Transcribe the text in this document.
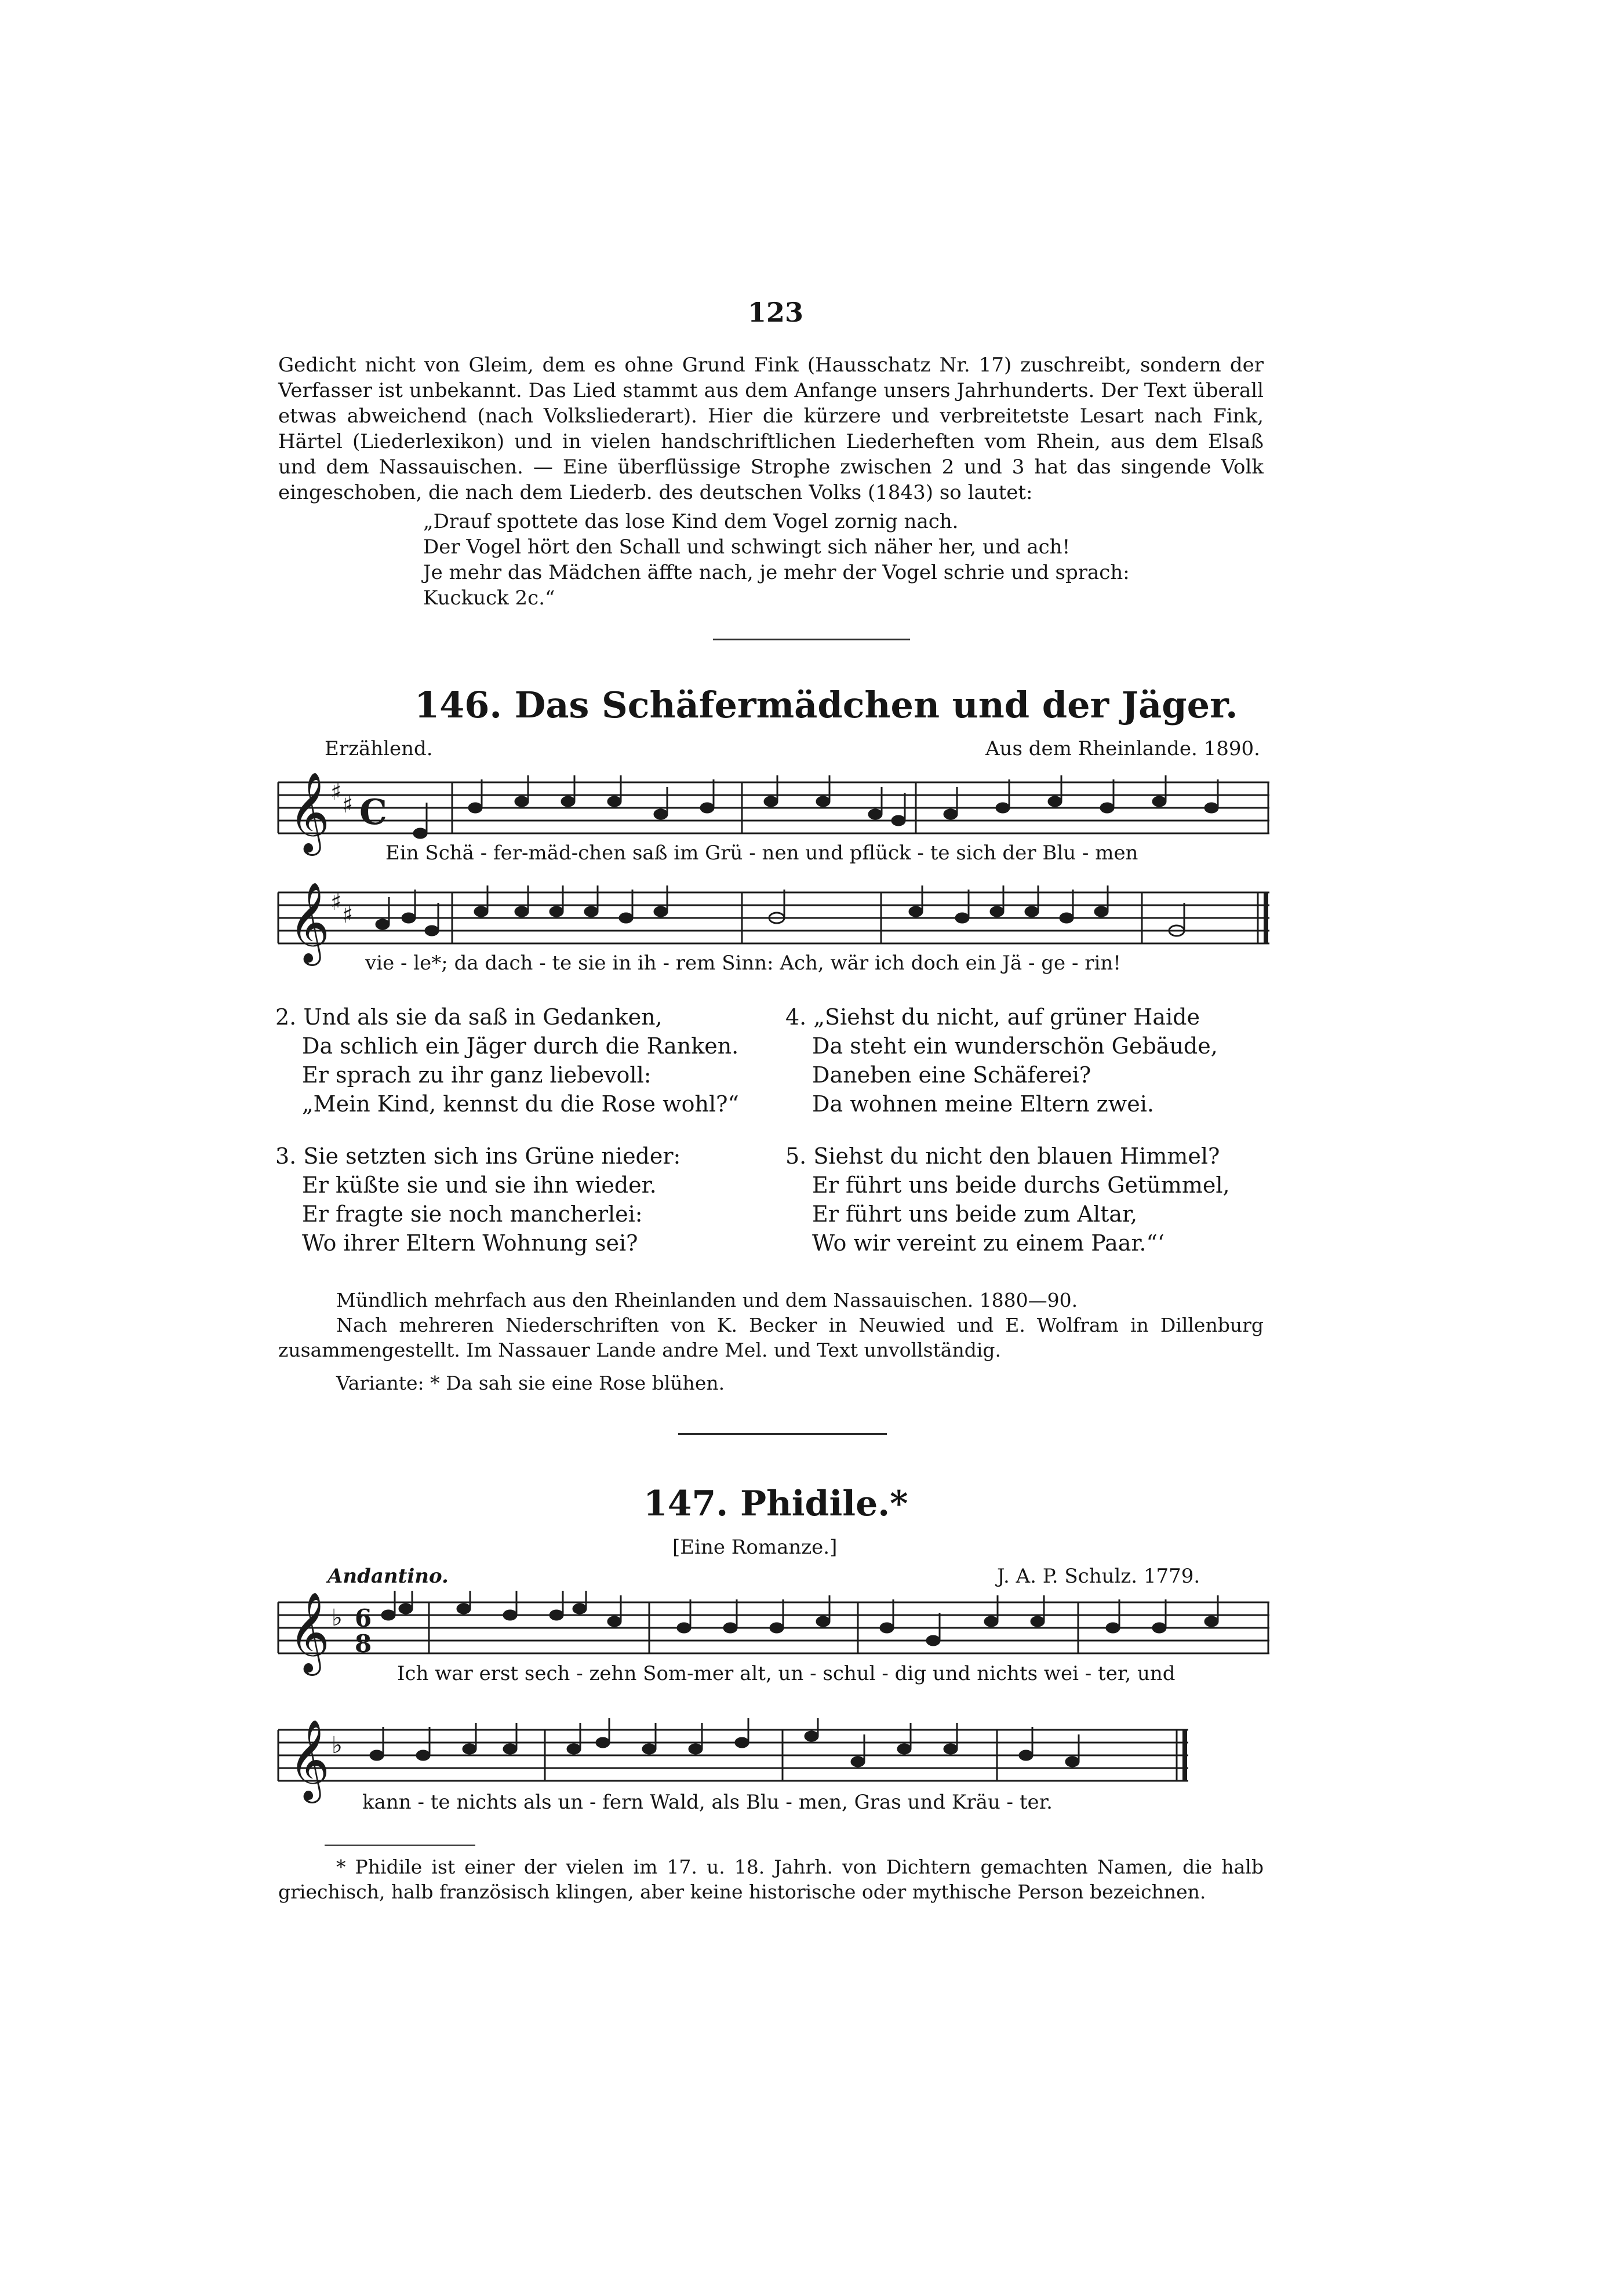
123
Gedicht nicht von Gleim, dem es ohne Grund Fink (Hausschatz Nr. 17) zuschreibt, sondern der Verfasser ist unbekannt. Das Lied stammt aus dem Anfange unsers Jahrhunderts. Der Text überall etwas abweichend (nach Volksliederart). Hier die kürzere und verbreitetste Lesart nach Fink, Härtel (Liederlexikon) und in vielen handschriftlichen Liederheften vom Rhein, aus dem Elsaß und dem Nassauischen. — Eine überflüssige Strophe zwischen 2 und 3 hat das singende Volk eingeschoben, die nach dem Liederb. des deutschen Volks (1843) so lautet:
„Drauf spottete das lose Kind dem Vogel zornig nach.
Der Vogel hört den Schall und schwingt sich näher her, und ach!
Je mehr das Mädchen äffte nach, je mehr der Vogel schrie und sprach:
Kuckuck 2c.“
146. Das Schäfermädchen und der Jäger.
Erzählend.	Aus dem Rheinlande. 1890.
𝄞 ♯ ♯ C
Ein Schä - fer-mäd-chen saß im Grü - nen und pflück - te sich der Blu - men
𝄞 ♯ ♯
vie - le*; da dach - te sie in ih - rem Sinn: Ach, wär ich doch ein Jä - ge - rin!
2. Und als sie da saß in Gedanken,
Da schlich ein Jäger durch die Ranken.
Er sprach zu ihr ganz liebevoll:
„Mein Kind, kennst du die Rose wohl?“
3. Sie setzten sich ins Grüne nieder:
Er küßte sie und sie ihn wieder.
Er fragte sie noch mancherlei:
Wo ihrer Eltern Wohnung sei?
4. „Siehst du nicht, auf grüner Haide
Da steht ein wunderschön Gebäude,
Daneben eine Schäferei?
Da wohnen meine Eltern zwei.
5. Siehst du nicht den blauen Himmel?
Er führt uns beide durchs Getümmel,
Er führt uns beide zum Altar,
Wo wir vereint zu einem Paar.“‘
Mündlich mehrfach aus den Rheinlanden und dem Nassauischen. 1880—90.
Nach mehreren Niederschriften von K. Becker in Neuwied und E. Wolfram in Dillenburg zusammengestellt. Im Nassauer Lande andre Mel. und Text unvollständig.
Variante: * Da sah sie eine Rose blühen.
147. Phidile.*
[Eine Romanze.]
Andantino.	J. A. P. Schulz. 1779.
𝄞 ♭ 6
8
Ich war erst sech - zehn Som-mer alt, un - schul - dig und nichts wei - ter, und
𝄞 ♭
kann - te nichts als un - fern Wald, als Blu - men, Gras und Kräu - ter.
* Phidile ist einer der vielen im 17. u. 18. Jahrh. von Dichtern gemachten Namen, die halb griechisch, halb französisch klingen, aber keine historische oder mythische Person bezeichnen.
